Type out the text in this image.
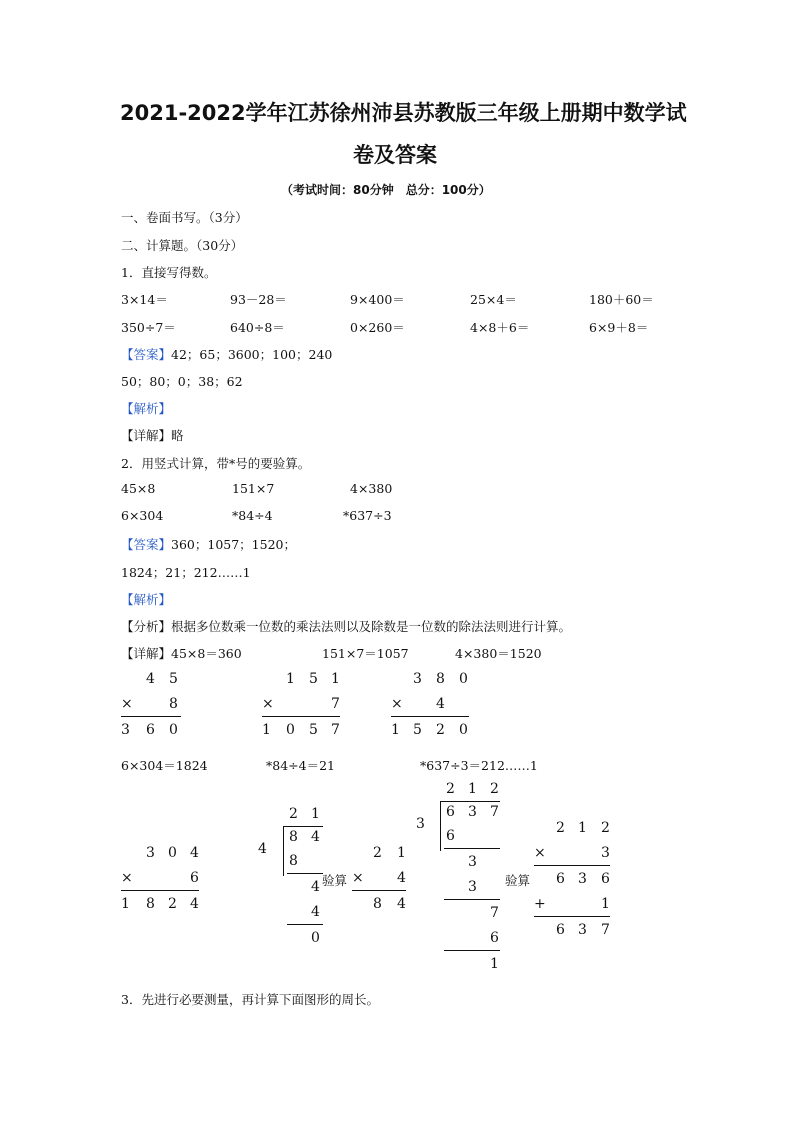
2021-2022学年江苏徐州沛县苏教版三年级上册期中数学试
卷及答案
（考试时间：80分钟　总分：100分）
一、卷面书写。（3分）
二、计算题。（30分）
1．直接写得数。
3×14＝	93－28＝	9×400＝	25×4＝	180＋60＝
350÷7＝	640÷8＝	0×260＝	4×8＋6＝	6×9＋8＝
【答案】42；65；3600；100；240
50；80；0；38；62
【解析】
【详解】略
2．用竖式计算，带*号的要验算。
45×8	151×7	4×380
6×304	*84÷4	*637÷3
【答案】360；1057；1520；
1824；21；212……1
【解析】
【分析】根据多位数乘一位数的乘法法则以及除数是一位数的除法法则进行计算。
【详解】45×8＝360	151×7＝1057	4×380＝1520
4 5
×	8
3 6 0
1 5 1
×	7
1 0 5 7
3 8 0
× 4
1 5 2 0
6×304＝1824	*84÷4＝21	*637÷3＝212……1
3 0 4
×	6
1 8 2 4
2 1
4
8 4
8
4
4
0
验算
2 1
× 4
8 4
2 1 2
3
6 3 7
6
3
3
7
6
1
验算
2 1 2
×	3
6 3 6
+	1
6 3 7
3．先进行必要测量，再计算下面图形的周长。
